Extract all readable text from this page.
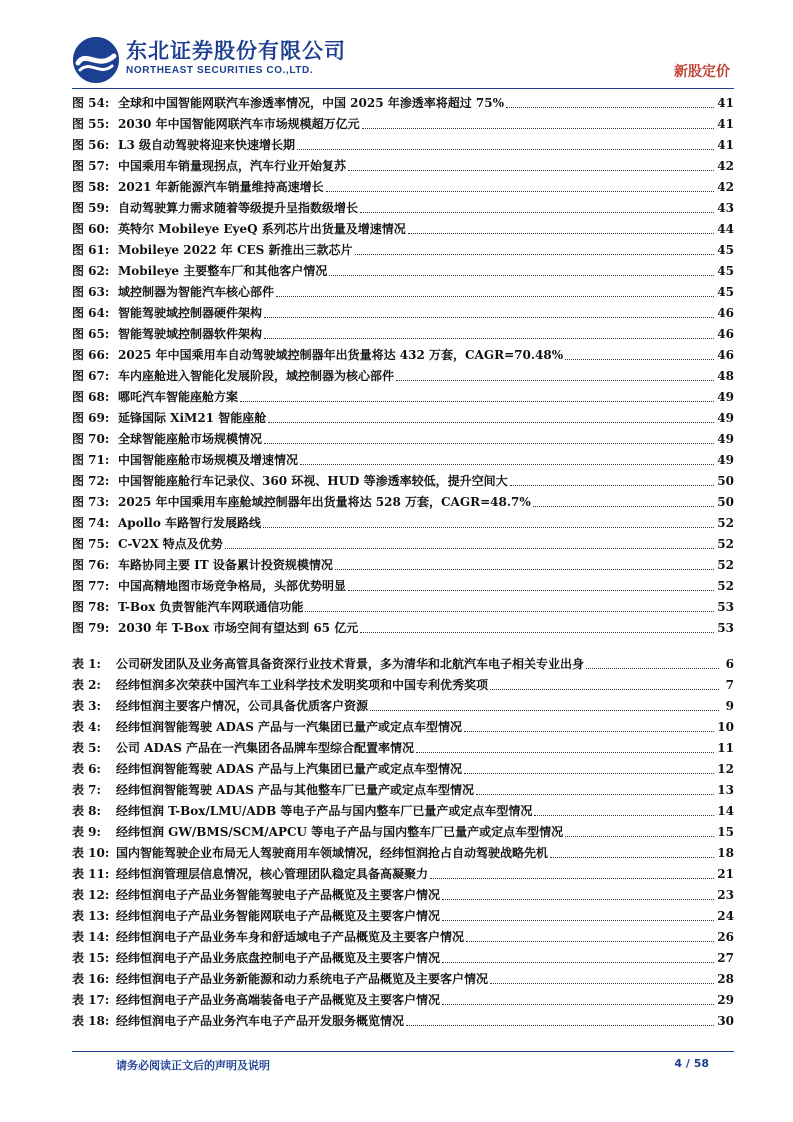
东北证券股份有限公司
NORTHEAST SECURITIES CO.,LTD.	新股定价
图 54: 全球和中国智能网联汽车渗透率情况，中国 2025 年渗透率将超过 75%	41
图 55: 2030 年中国智能网联汽车市场规模超万亿元	41
图 56: L3 级自动驾驶将迎来快速增长期	41
图 57: 中国乘用车销量现拐点，汽车行业开始复苏	42
图 58: 2021 年新能源汽车销量维持高速增长	42
图 59: 自动驾驶算力需求随着等级提升呈指数级增长	43
图 60: 英特尔 Mobileye EyeQ 系列芯片出货量及增速情况	44
图 61: Mobileye 2022 年 CES 新推出三款芯片	45
图 62: Mobileye 主要整车厂和其他客户情况	45
图 63: 域控制器为智能汽车核心部件	45
图 64: 智能驾驶域控制器硬件架构	46
图 65: 智能驾驶域控制器软件架构	46
图 66: 2025 年中国乘用车自动驾驶域控制器年出货量将达 432 万套，CAGR=70.48%	46
图 67: 车内座舱进入智能化发展阶段，域控制器为核心部件	48
图 68: 哪吒汽车智能座舱方案	49
图 69: 延锋国际 XiM21 智能座舱	49
图 70: 全球智能座舱市场规模情况	49
图 71: 中国智能座舱市场规模及增速情况	49
图 72: 中国智能座舱行车记录仪、360 环视、HUD 等渗透率较低，提升空间大	50
图 73: 2025 年中国乘用车座舱域控制器年出货量将达 528 万套，CAGR=48.7%	50
图 74: Apollo 车路智行发展路线	52
图 75: C-V2X 特点及优势	52
图 76: 车路协同主要 IT 设备累计投资规模情况	52
图 77: 中国高精地图市场竞争格局，头部优势明显	52
图 78: T-Box 负责智能汽车网联通信功能	53
图 79: 2030 年 T-Box 市场空间有望达到 65 亿元	53
表 1:	公司研发团队及业务高管具备资深行业技术背景，多为清华和北航汽车电子相关专业出身	6
表 2:	经纬恒润多次荣获中国汽车工业科学技术发明奖项和中国专利优秀奖项	7
表 3:	经纬恒润主要客户情况，公司具备优质客户资源	9
表 4:	经纬恒润智能驾驶 ADAS 产品与一汽集团已量产或定点车型情况	10
表 5:	公司 ADAS 产品在一汽集团各品牌车型综合配置率情况	11
表 6:	经纬恒润智能驾驶 ADAS 产品与上汽集团已量产或定点车型情况	12
表 7:	经纬恒润智能驾驶 ADAS 产品与其他整车厂已量产或定点车型情况	13
表 8:	经纬恒润 T-Box/LMU/ADB 等电子产品与国内整车厂已量产或定点车型情况	14
表 9:	经纬恒润 GW/BMS/SCM/APCU 等电子产品与国内整车厂已量产或定点车型情况	15
表 10: 国内智能驾驶企业布局无人驾驶商用车领域情况，经纬恒润抢占自动驾驶战略先机	18
表 11: 经纬恒润管理层信息情况，核心管理团队稳定具备高凝聚力	21
表 12: 经纬恒润电子产品业务智能驾驶电子产品概览及主要客户情况	23
表 13: 经纬恒润电子产品业务智能网联电子产品概览及主要客户情况	24
表 14: 经纬恒润电子产品业务车身和舒适域电子产品概览及主要客户情况	26
表 15: 经纬恒润电子产品业务底盘控制电子产品概览及主要客户情况	27
表 16: 经纬恒润电子产品业务新能源和动力系统电子产品概览及主要客户情况	28
表 17: 经纬恒润电子产品业务高端装备电子产品概览及主要客户情况	29
表 18: 经纬恒润电子产品业务汽车电子产品开发服务概览情况	30
请务必阅读正文后的声明及说明	4 / 58
